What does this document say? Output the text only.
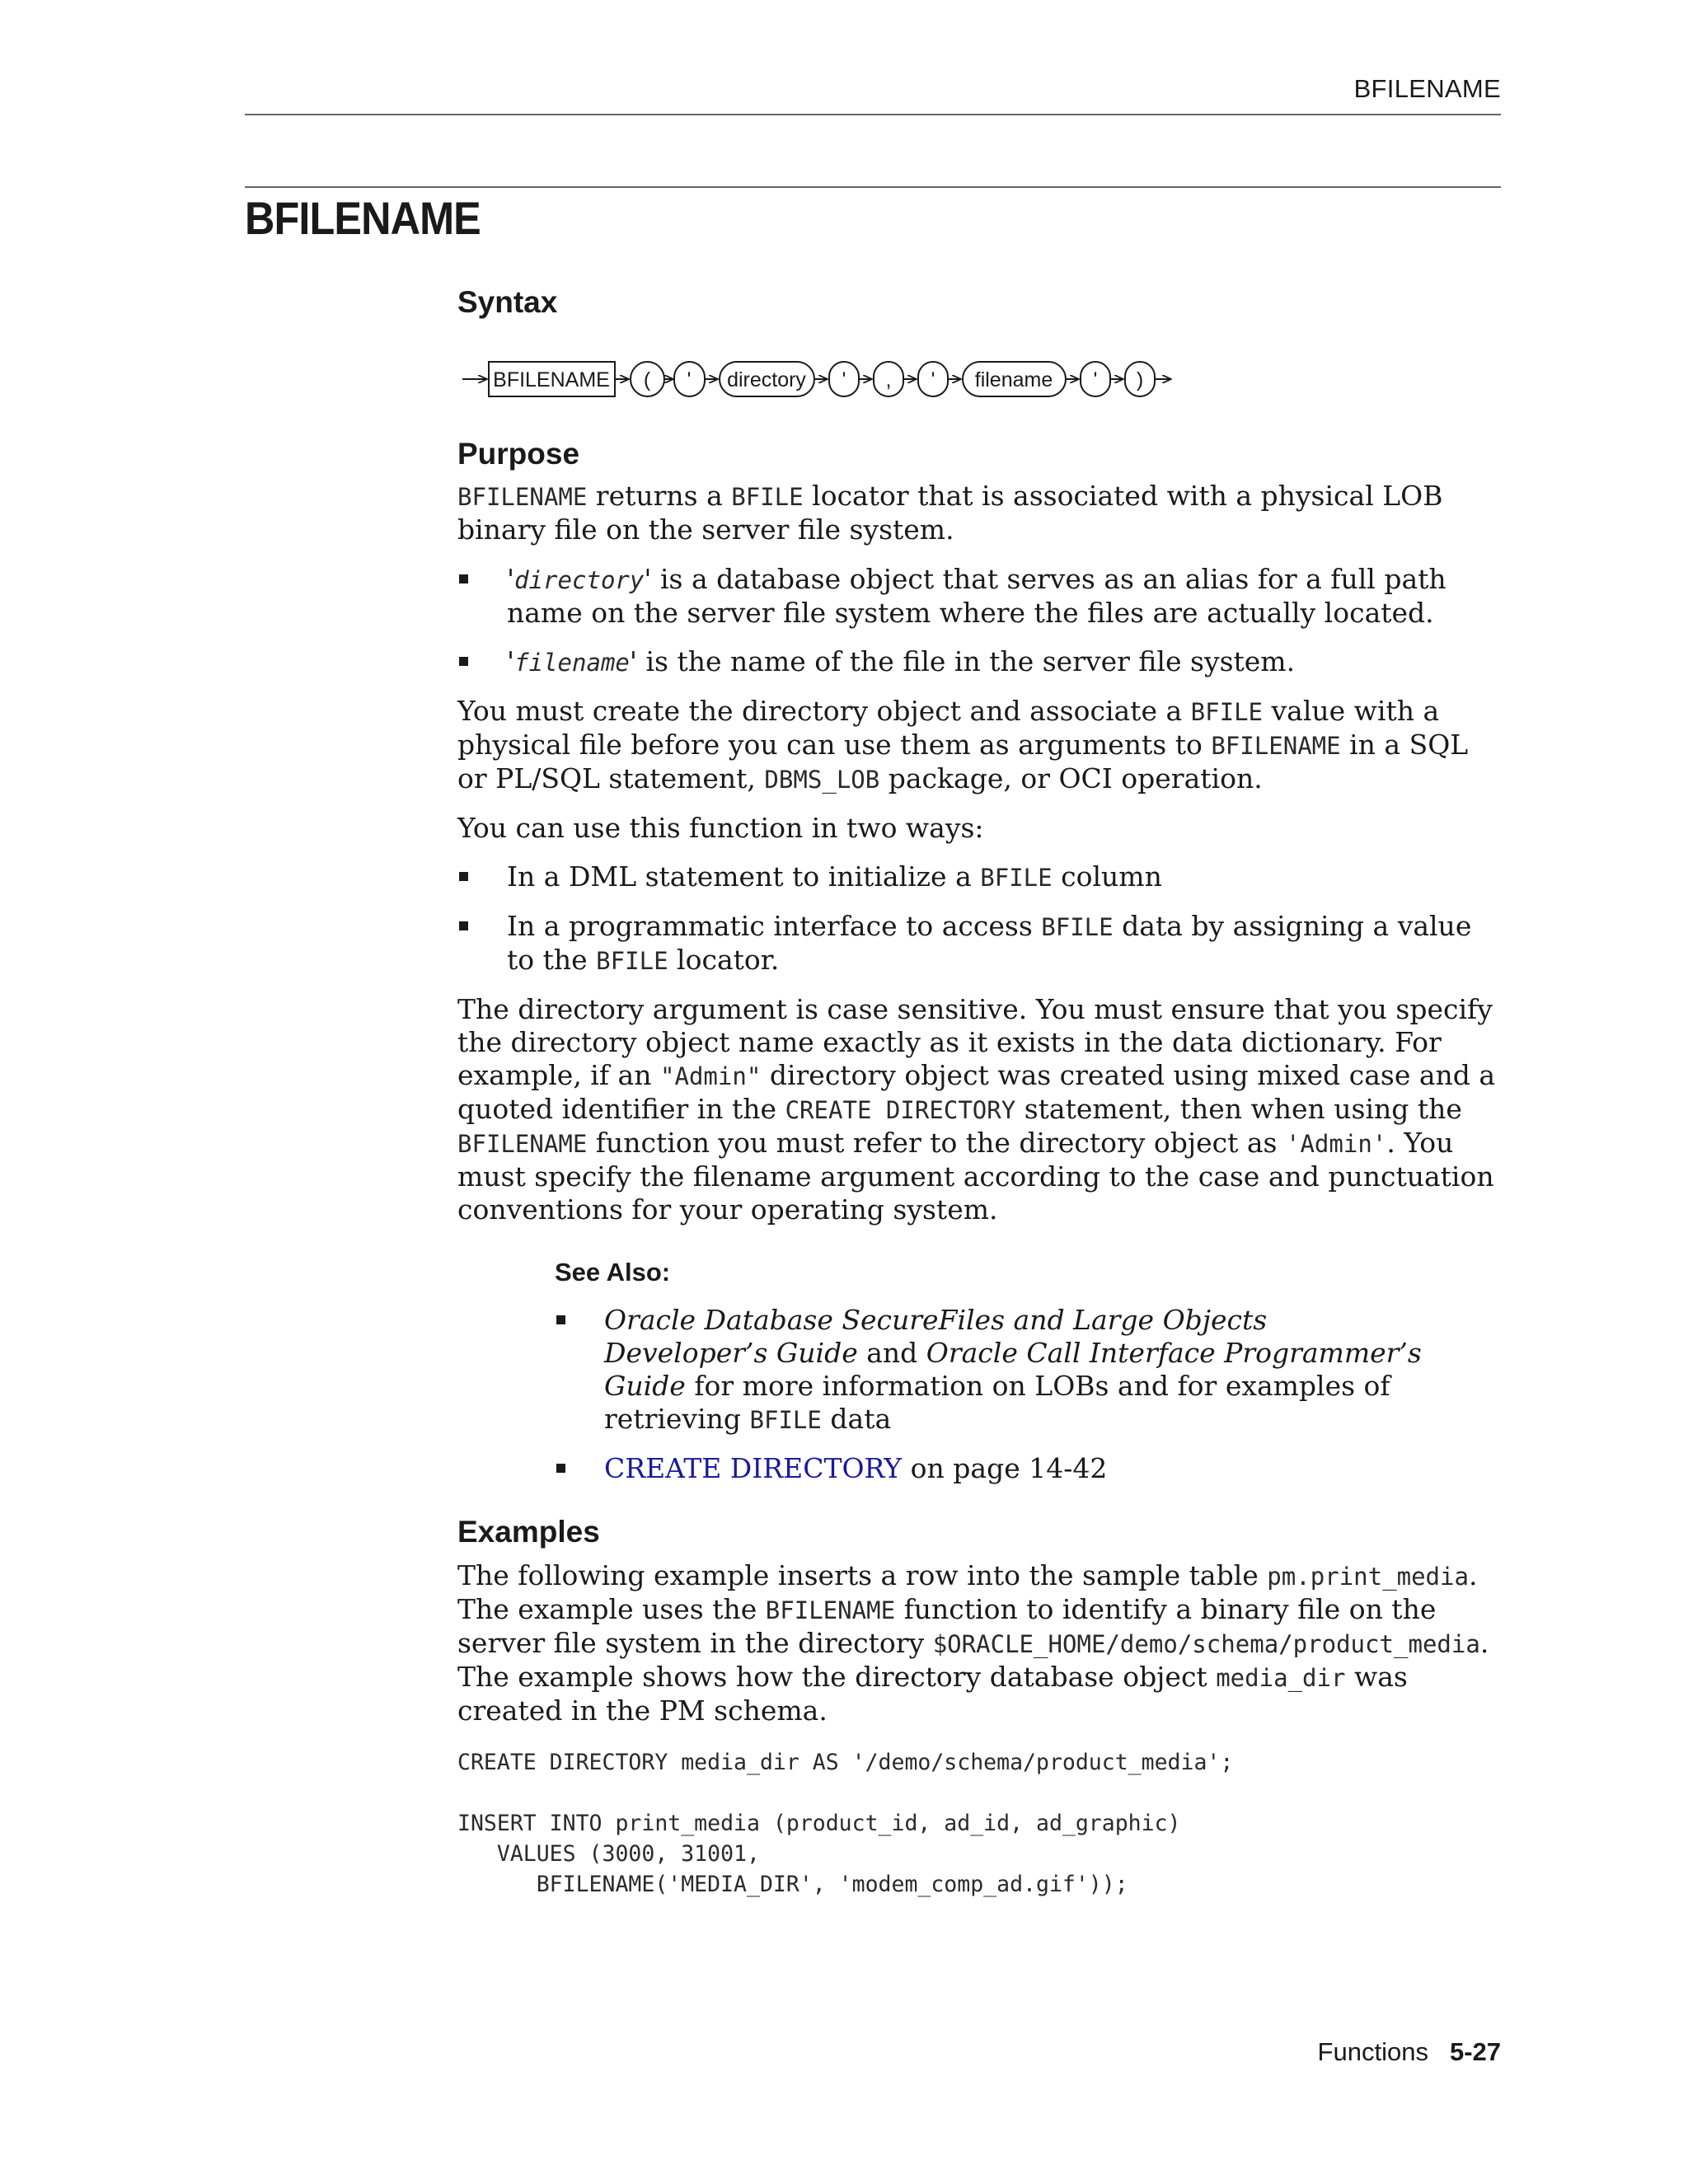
BFILENAME
BFILENAME
Syntax
BFILENAME ( ' directory ' , ' filename ' )
Purpose

BFILENAME returns a BFILE locator that is associated with a physical LOB binary file on the server file system.

'directory' is a database object that serves as an alias for a full path name on the server file system where the files are actually located.
'filename' is the name of the file in the server file system.

You must create the directory object and associate a BFILE value with a physical file before you can use them as arguments to BFILENAME in a SQL or PL/SQL statement, DBMS_LOB package, or OCI operation.

You can use this function in two ways:

In a DML statement to initialize a BFILE column
In a programmatic interface to access BFILE data by assigning a value to the BFILE locator.

The directory argument is case sensitive. You must ensure that you specify the directory object name exactly as it exists in the data dictionary. For example, if an "Admin" directory object was created using mixed case and a quoted identifier in the CREATE DIRECTORY statement, then when using the BFILENAME function you must refer to the directory object as 'Admin'. You must specify the filename argument according to the case and punctuation conventions for your operating system.

See Also:
Oracle Database SecureFiles and Large Objects Developer’s Guide and Oracle Call Interface Programmer’s Guide for more information on LOBs and for examples of retrieving BFILE data
CREATE DIRECTORY on page 14-42
Examples

The following example inserts a row into the sample table pm.print_media. The example uses the BFILENAME function to identify a binary file on the server file system in the directory $ORACLE_HOME/demo/schema/product_media. The example shows how the directory database object media_dir was created in the PM schema.

CREATE DIRECTORY media_dir AS '/demo/schema/product_media';

INSERT INTO print_media (product_id, ad_id, ad_graphic)
VALUES (3000, 31001,
BFILENAME('MEDIA_DIR', 'modem_comp_ad.gif'));
Functions 5-27
